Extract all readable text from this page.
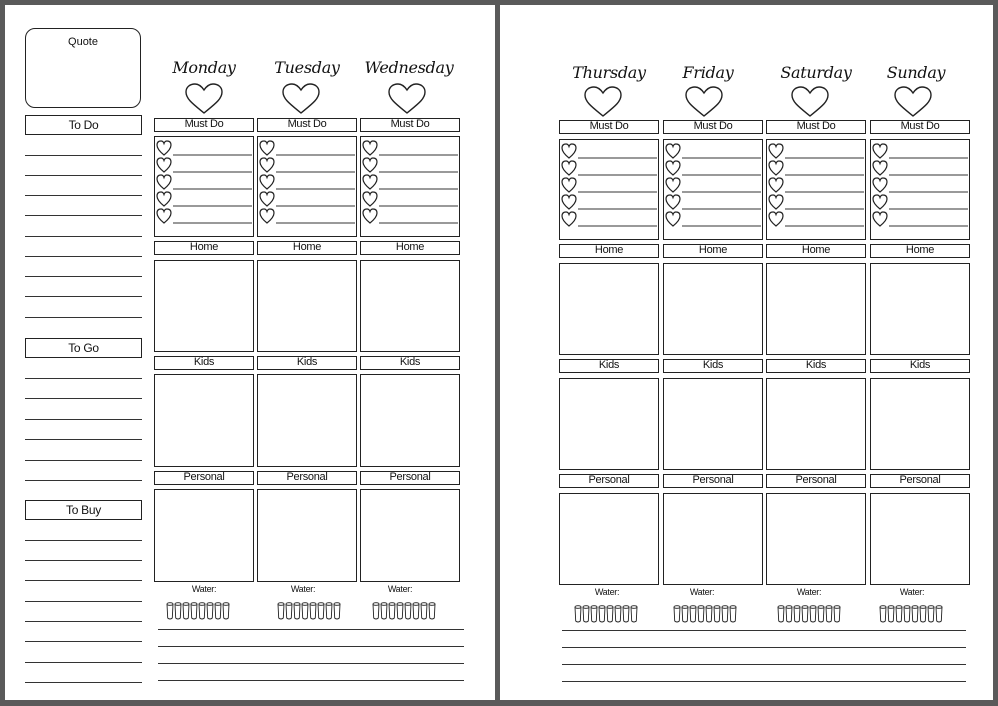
Quote
To Do
To Go
To Buy
Monday
Must Do
Home
Kids
Personal
Water:
Tuesday
Must Do
Home
Kids
Personal
Water:
Wednesday
Must Do
Home
Kids
Personal
Water:
Thursday
Must Do
Home
Kids
Personal
Water:
Friday
Must Do
Home
Kids
Personal
Water:
Saturday
Must Do
Home
Kids
Personal
Water:
Sunday
Must Do
Home
Kids
Personal
Water:
